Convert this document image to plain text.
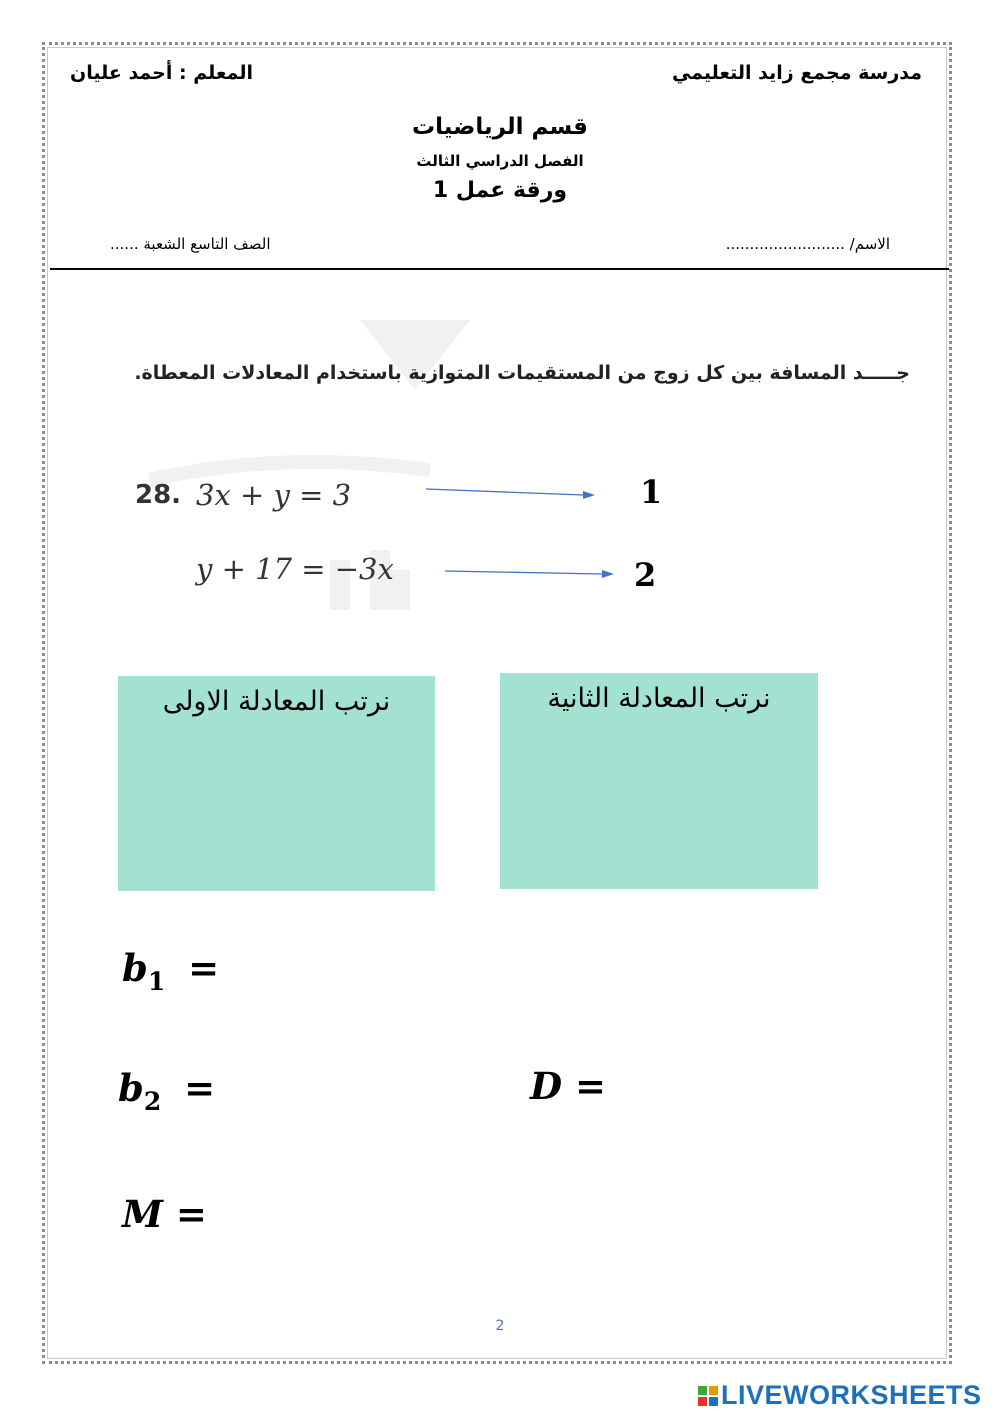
مدرسة مجمع زايد التعليمي
المعلم : أحمد عليان
قسم الرياضيات
الفصل الدراسي الثالث
ورقة عمل 1
الاسم/ .........................
الصف التاسع الشعبة ......
جـــــد المسافة بين كل زوج من المستقيمات المتوازية باستخدام المعادلات المعطاة.
28. 3x + y = 3
y + 17 = −3x
1
2
نرتب المعادلة الثانية
نرتب المعادلة الاولى
$b_1$ =
$b_2$ =	D =
M =
2
LIVEWORKSHEETS
